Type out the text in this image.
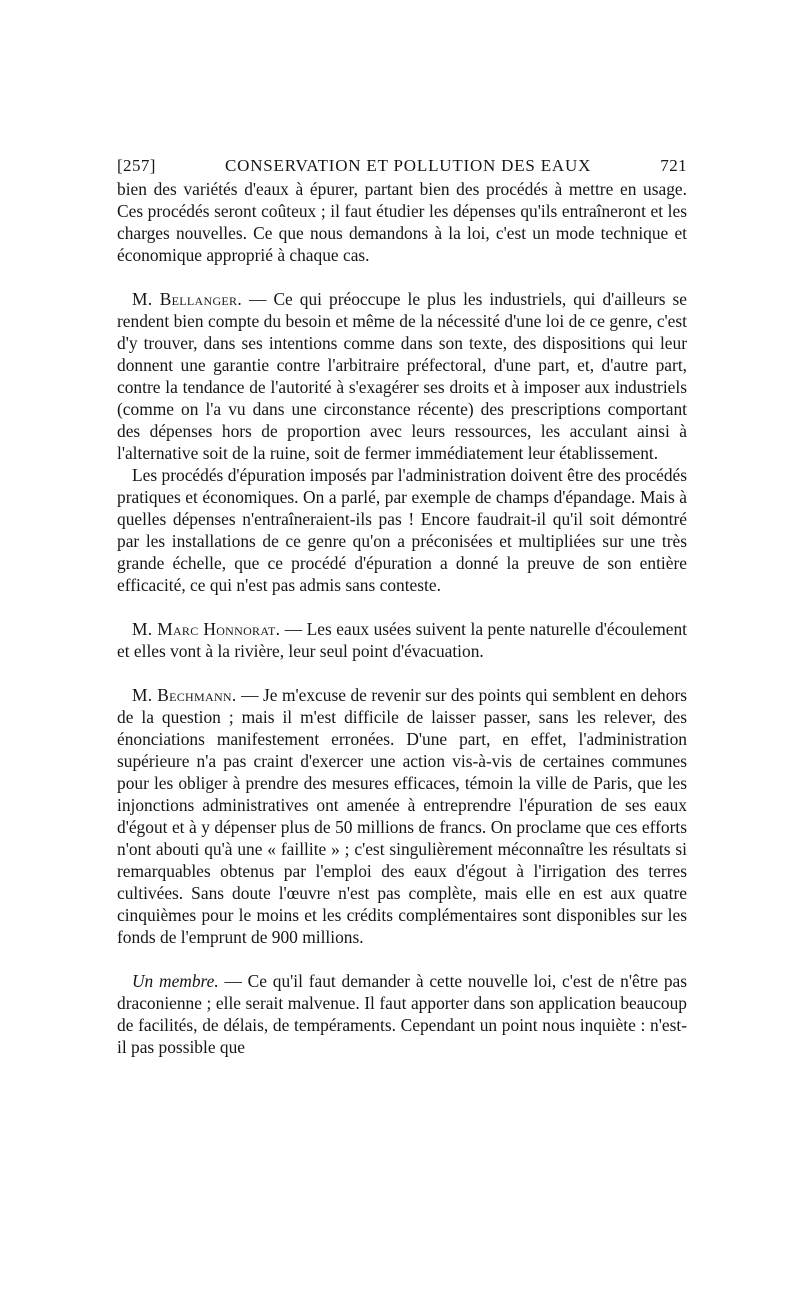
[257]	CONSERVATION ET POLLUTION DES EAUX	721

bien des variétés d'eaux à épurer, partant bien des procédés à mettre en usage. Ces procédés seront coûteux ; il faut étudier les dépenses qu'ils entraîneront et les charges nouvelles. Ce que nous demandons à la loi, c'est un mode technique et économique approprié à chaque cas.

M. Bellanger. — Ce qui préoccupe le plus les industriels, qui d'ailleurs se rendent bien compte du besoin et même de la nécessité d'une loi de ce genre, c'est d'y trouver, dans ses intentions comme dans son texte, des dispositions qui leur donnent une garantie contre l'arbitraire préfectoral, d'une part, et, d'autre part, contre la tendance de l'autorité à s'exagérer ses droits et à imposer aux industriels (comme on l'a vu dans une circonstance récente) des prescriptions comportant des dépenses hors de proportion avec leurs ressources, les acculant ainsi à l'alternative soit de la ruine, soit de fermer immédiatement leur établissement.

Les procédés d'épuration imposés par l'administration doivent être des procédés pratiques et économiques. On a parlé, par exemple de champs d'épandage. Mais à quelles dépenses n'entraîneraient-ils pas ! Encore faudrait-il qu'il soit démontré par les installations de ce genre qu'on a préconisées et multipliées sur une très grande échelle, que ce procédé d'épuration a donné la preuve de son entière efficacité, ce qui n'est pas admis sans conteste.

M. Marc Honnorat. — Les eaux usées suivent la pente naturelle d'écoulement et elles vont à la rivière, leur seul point d'évacuation.

M. Bechmann. — Je m'excuse de revenir sur des points qui semblent en dehors de la question ; mais il m'est difficile de laisser passer, sans les relever, des énonciations manifestement erronées. D'une part, en effet, l'administration supérieure n'a pas craint d'exercer une action vis-à-vis de certaines communes pour les obliger à prendre des mesures efficaces, témoin la ville de Paris, que les injonctions administratives ont amenée à entreprendre l'épuration de ses eaux d'égout et à y dépenser plus de 50 millions de francs. On proclame que ces efforts n'ont abouti qu'à une « faillite » ; c'est singulièrement méconnaître les résultats si remarquables obtenus par l'emploi des eaux d'égout à l'irrigation des terres cultivées. Sans doute l'œuvre n'est pas complète, mais elle en est aux quatre cinquièmes pour le moins et les crédits complémentaires sont disponibles sur les fonds de l'emprunt de 900 millions.

Un membre. — Ce qu'il faut demander à cette nouvelle loi, c'est de n'être pas draconienne ; elle serait malvenue. Il faut apporter dans son application beaucoup de facilités, de délais, de tempéraments. Cependant un point nous inquiète : n'est-il pas possible que
